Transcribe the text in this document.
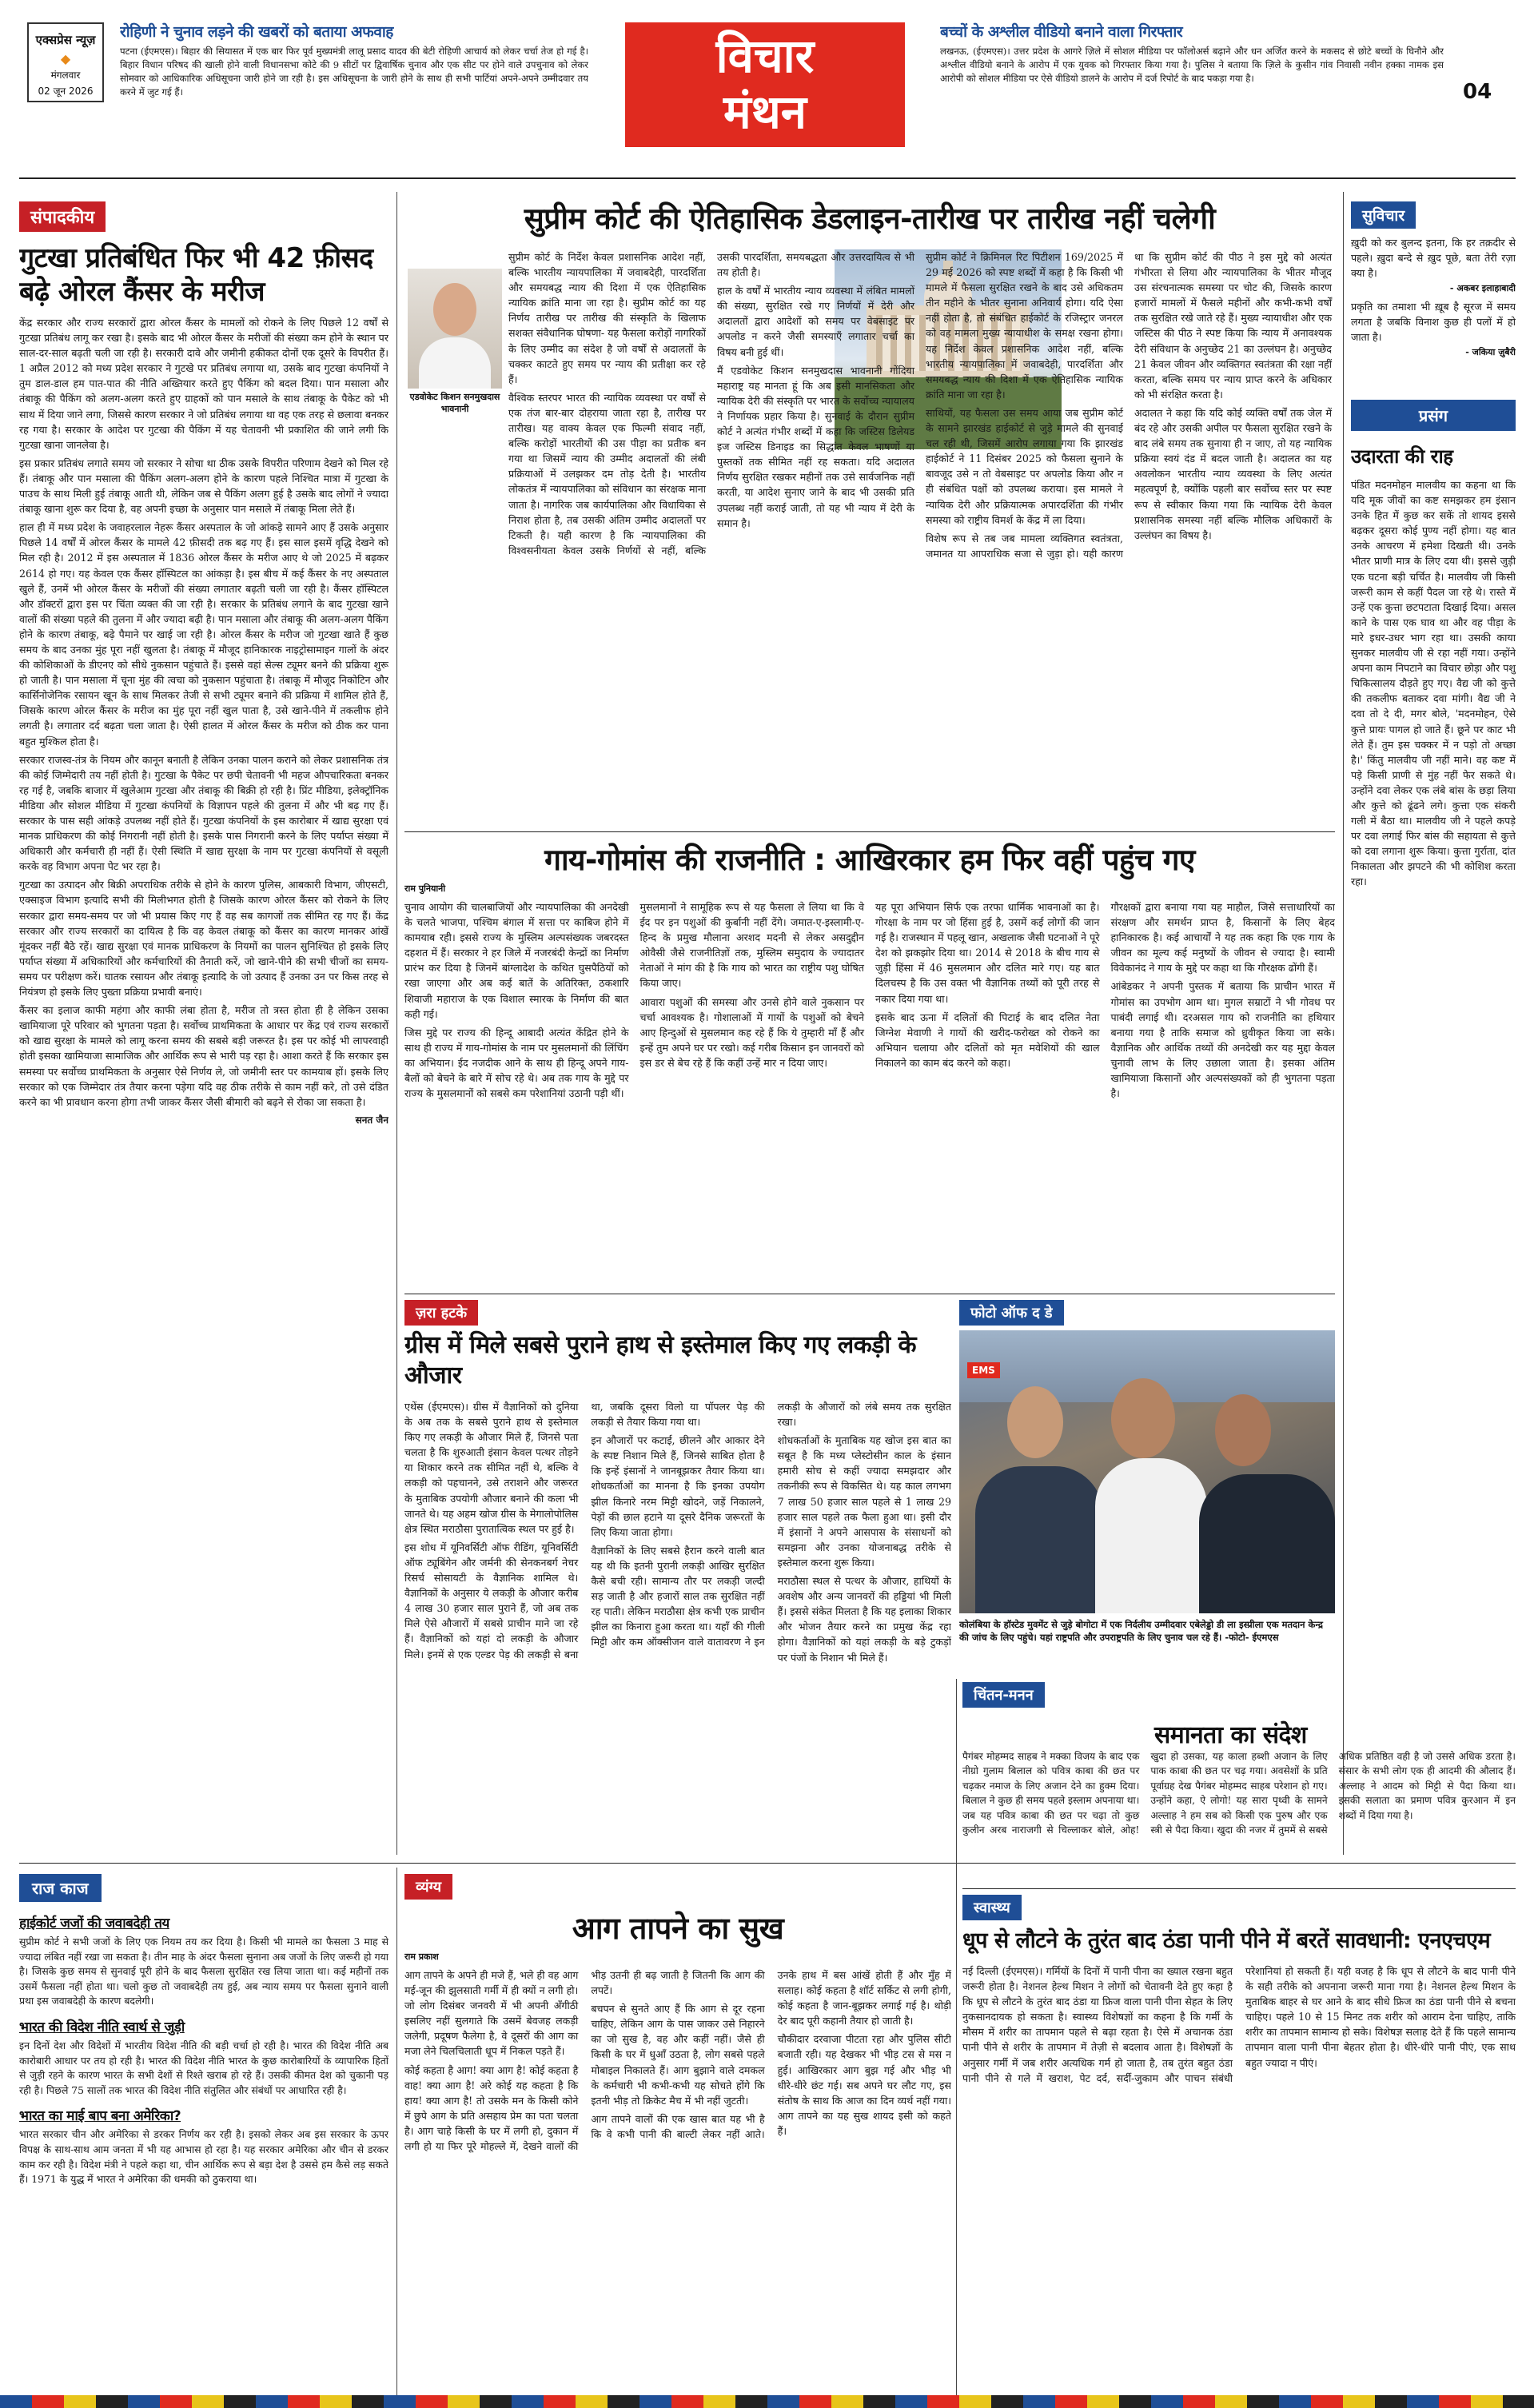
एक्सप्रेस न्यूज़
◆
मंगलवार
02 जून 2026
रोहिणी ने चुनाव लड़ने की खबरों को बताया अफवाह
पटना (ईएमएस)। बिहार की सियासत में एक बार फिर पूर्व मुख्यमंत्री लालू प्रसाद यादव की बेटी रोहिणी आचार्य को लेकर चर्चा तेज हो गई है। बिहार विधान परिषद की खाली होने वाली विधानसभा कोटे की 9 सीटों पर द्विवार्षिक चुनाव और एक सीट पर होने वाले उपचुनाव को लेकर सोमवार को आधिकारिक अधिसूचना जारी होने जा रही है। इस अधिसूचना के जारी होने के साथ ही सभी पार्टियां अपने-अपने उम्मीदवार तय करने में जुट गई हैं।
विचार
मंथन
बच्चों के अश्लील वीडियो बनाने वाला गिरफ्तार
लखनऊ, (ईएमएस)। उत्तर प्रदेश के आगरे ज़िले में सोशल मीडिया पर फॉलोअर्स बढ़ाने और धन अर्जित करने के मकसद से छोटे बच्चों के घिनौने और अश्लील वीडियो बनाने के आरोप में एक युवक को गिरफ्तार किया गया है। पुलिस ने बताया कि ज़िले के कुसीन गांव निवासी नवीन हक्का नामक इस आरोपी को सोशल मीडिया पर ऐसे वीडियो डालने के आरोप में दर्ज रिपोर्ट के बाद पकड़ा गया है।
04
संपादकीय
गुटखा प्रतिबंधित फिर भी 42 फ़ीसद बढ़े ओरल कैंसर के मरीज

केंद्र सरकार और राज्य सरकारों द्वारा ओरल कैंसर के मामलों को रोकने के लिए पिछले 12 वर्षों से गुटखा प्रतिबंध लागू कर रखा है। इसके बाद भी ओरल कैंसर के मरीजों की संख्या कम होने के स्थान पर साल-दर-साल बढ़ती चली जा रही है। सरकारी दावे और जमीनी हकीकत दोनों एक दूसरे के विपरीत हैं। 1 अप्रैल 2012 को मध्य प्रदेश सरकार ने गुटखे पर प्रतिबंध लगाया था, उसके बाद गुटखा कंपनियों ने तुम डाल-डाल हम पात-पात की नीति अख्तियार करते हुए पैकिंग को बदल दिया। पान मसाला और तंबाकू की पैकिंग को अलग-अलग करते हुए ग्राहकों को पान मसाले के साथ तंबाकू के पैकेट को भी साथ में दिया जाने लगा, जिससे कारण सरकार ने जो प्रतिबंध लगाया था वह एक तरह से छलावा बनकर रह गया है। सरकार के आदेश पर गुटखा की पैकिंग में यह चेतावनी भी प्रकाशित की जाने लगी कि गुटखा खाना जानलेवा है।

इस प्रकार प्रतिबंध लगाते समय जो सरकार ने सोचा था ठीक उसके विपरीत परिणाम देखने को मिल रहे हैं। तंबाकू और पान मसाला की पैकिंग अलग-अलग होने के कारण पहले निश्चित मात्रा में गुटखा के पाउच के साथ मिली हुई तंबाकू आती थी, लेकिन जब से पैकिंग अलग हुई है उसके बाद लोगों ने ज्यादा तंबाकू खाना शुरू कर दिया है, वह अपनी इच्छा के अनुसार पान मसाले में तंबाकू मिला लेते हैं।

हाल ही में मध्य प्रदेश के जवाहरलाल नेहरू कैंसर अस्पताल के जो आंकड़े सामने आए हैं उसके अनुसार पिछले 14 वर्षों में ओरल कैंसर के मामले 42 फ़ीसदी तक बढ़ गए हैं। इस साल इसमें वृद्धि देखने को मिल रही है। 2012 में इस अस्पताल में 1836 ओरल कैंसर के मरीज आए थे जो 2025 में बढ़कर 2614 हो गए। यह केवल एक कैंसर हॉस्पिटल का आंकड़ा है। इस बीच में कई कैंसर के नए अस्पताल खुले हैं, उनमें भी ओरल कैंसर के मरीजों की संख्या लगातार बढ़ती चली जा रही है। कैंसर हॉस्पिटल और डॉक्टरों द्वारा इस पर चिंता व्यक्त की जा रही है। सरकार के प्रतिबंध लगाने के बाद गुटखा खाने वालों की संख्या पहले की तुलना में और ज्यादा बढ़ी है। पान मसाला और तंबाकू की अलग-अलग पैकिंग होने के कारण तंबाकू, बढ़े पैमाने पर खाई जा रही है। ओरल कैंसर के मरीज जो गुटखा खाते हैं कुछ समय के बाद उनका मुंह पूरा नहीं खुलता है। तंबाकू में मौजूद हानिकारक नाइट्रोसामाइन गालों के अंदर की कोशिकाओं के डीएनए को सीधे नुकसान पहुंचाते हैं। इससे वहां सेल्स ट्यूमर बनने की प्रक्रिया शुरू हो जाती है। पान मसाला में चूना मुंह की त्वचा को नुकसान पहुंचाता है। तंबाकू में मौजूद निकोटिन और कार्सिनोजेनिक रसायन खून के साथ मिलकर तेजी से सभी ट्यूमर बनाने की प्रक्रिया में शामिल होते हैं, जिसके कारण ओरल कैंसर के मरीज का मुंह पूरा नहीं खुल पाता है, उसे खाने-पीने में तकलीफ होने लगती है। लगातार दर्द बढ़ता चला जाता है। ऐसी हालत में ओरल कैंसर के मरीज को ठीक कर पाना बहुत मुश्किल होता है।

सरकार राजस्व-तंत्र के नियम और कानून बनाती है लेकिन उनका पालन कराने को लेकर प्रशासनिक तंत्र की कोई जिम्मेदारी तय नहीं होती है। गुटखा के पैकेट पर छपी चेतावनी भी महज औपचारिकता बनकर रह गई है, जबकि बाजार में खुलेआम गुटखा और तंबाकू की बिक्री हो रही है। प्रिंट मीडिया, इलेक्ट्रॉनिक मीडिया और सोशल मीडिया में गुटखा कंपनियों के विज्ञापन पहले की तुलना में और भी बढ़ गए हैं। सरकार के पास सही आंकड़े उपलब्ध नहीं होते हैं। गुटखा कंपनियों के इस कारोबार में खाद्य सुरक्षा एवं मानक प्राधिकरण की कोई निगरानी नहीं होती है। इसके पास निगरानी करने के लिए पर्याप्त संख्या में अधिकारी और कर्मचारी ही नहीं हैं। ऐसी स्थिति में खाद्य सुरक्षा के नाम पर गुटखा कंपनियों से वसूली करके वह विभाग अपना पेट भर रहा है।

गुटखा का उत्पादन और बिक्री अपराधिक तरीके से होने के कारण पुलिस, आबकारी विभाग, जीएसटी, एक्साइज विभाग इत्यादि सभी की मिलीभगत होती है जिसके कारण ओरल कैंसर को रोकने के लिए सरकार द्वारा समय-समय पर जो भी प्रयास किए गए हैं वह सब कागजों तक सीमित रह गए हैं। केंद्र सरकार और राज्य सरकारों का दायित्व है कि वह केवल तंबाकू को कैंसर का कारण मानकर आंखें मूंदकर नहीं बैठे रहें। खाद्य सुरक्षा एवं मानक प्राधिकरण के नियमों का पालन सुनिश्चित हो इसके लिए पर्याप्त संख्या में अधिकारियों और कर्मचारियों की तैनाती करें, जो खाने-पीने की सभी चीजों का समय-समय पर परीक्षण करें। घातक रसायन और तंबाकू इत्यादि के जो उत्पाद हैं उनका उन पर किस तरह से नियंत्रण हो इसके लिए पुख्ता प्रक्रिया प्रभावी बनाएं।

कैंसर का इलाज काफी महंगा और काफी लंबा होता है, मरीज तो त्रस्त होता ही है लेकिन उसका खामियाजा पूरे परिवार को भुगतना पड़ता है। सर्वोच्च प्राथमिकता के आधार पर केंद्र एवं राज्य सरकारों को खाद्य सुरक्षा के मामले को लागू करना समय की सबसे बड़ी जरूरत है। इस पर कोई भी लापरवाही होती इसका खामियाजा सामाजिक और आर्थिक रूप से भारी पड़ रहा है। आशा करते हैं कि सरकार इस समस्या पर सर्वोच्च प्राथमिकता के अनुसार ऐसे निर्णय ले, जो जमीनी स्तर पर कामयाब हों। इसके लिए सरकार को एक जिम्मेदार तंत्र तैयार करना पड़ेगा यदि वह ठीक तरीके से काम नहीं करे, तो उसे दंडित करने का भी प्रावधान करना होगा तभी जाकर कैंसर जैसी बीमारी को बढ़ने से रोका जा सकता है।

सनत जैन

सुप्रीम कोर्ट की ऐतिहासिक डेडलाइन-तारीख पर तारीख नहीं चलेगी
एडवोकेट किशन सनमुखदास भावनानी

सुप्रीम कोर्ट के निर्देश केवल प्रशासनिक आदेश नहीं, बल्कि भारतीय न्यायपालिका में जवाबदेही, पारदर्शिता और समयबद्ध न्याय की दिशा में एक ऐतिहासिक न्यायिक क्रांति माना जा रहा है। सुप्रीम कोर्ट का यह निर्णय तारीख पर तारीख की संस्कृति के खिलाफ सशक्त संवैधानिक घोषणा- यह फैसला करोड़ों नागरिकों के लिए उम्मीद का संदेश है जो वर्षों से अदालतों के चक्कर काटते हुए समय पर न्याय की प्रतीक्षा कर रहे हैं।

वैश्विक स्तरपर भारत की न्यायिक व्यवस्था पर वर्षों से एक तंज बार-बार दोहराया जाता रहा है, तारीख पर तारीख। यह वाक्य केवल एक फिल्मी संवाद नहीं, बल्कि करोड़ों भारतीयों की उस पीड़ा का प्रतीक बन गया था जिसमें न्याय की उम्मीद अदालतों की लंबी प्रक्रियाओं में उलझकर दम तोड़ देती है। भारतीय लोकतंत्र में न्यायपालिका को संविधान का संरक्षक माना जाता है। नागरिक जब कार्यपालिका और विधायिका से निराश होता है, तब उसकी अंतिम उम्मीद अदालतों पर टिकती है। यही कारण है कि न्यायपालिका की विश्वसनीयता केवल उसके निर्णयों से नहीं, बल्कि उसकी पारदर्शिता, समयबद्धता और उत्तरदायित्व से भी तय होती है।

हाल के वर्षों में भारतीय न्याय व्यवस्था में लंबित मामलों की संख्या, सुरक्षित रखे गए निर्णयों में देरी और अदालतों द्वारा आदेशों को समय पर वेबसाइट पर अपलोड न करने जैसी समस्याएँ लगातार चर्चा का विषय बनी हुई थीं।

मैं एडवोकेट किशन सनमुखदास भावनानी गोंदिया महाराष्ट्र यह मानता हूं कि अब इसी मानसिकता और न्यायिक देरी की संस्कृति पर भारत के सर्वोच्च न्यायालय ने निर्णायक प्रहार किया है। सुनवाई के दौरान सुप्रीम कोर्ट ने अत्यंत गंभीर शब्दों में कहा कि जस्टिस डिलेयड इज जस्टिस डिनाइड का सिद्धांत केवल भाषणों या पुस्तकों तक सीमित नहीं रह सकता। यदि अदालत निर्णय सुरक्षित रखकर महीनों तक उसे सार्वजनिक नहीं करती, या आदेश सुनाए जाने के बाद भी उसकी प्रति उपलब्ध नहीं कराई जाती, तो यह भी न्याय में देरी के समान है।

सुप्रीम कोर्ट ने क्रिमिनल रिट पिटीशन 169/2025 में 29 मई 2026 को स्पष्ट शब्दों में कहा है कि किसी भी मामले में फैसला सुरक्षित रखने के बाद उसे अधिकतम तीन महीने के भीतर सुनाना अनिवार्य होगा। यदि ऐसा नहीं होता है, तो संबंधित हाईकोर्ट के रजिस्ट्रार जनरल को वह मामला मुख्य न्यायाधीश के समक्ष रखना होगा। यह निर्देश केवल प्रशासनिक आदेश नहीं, बल्कि भारतीय न्यायपालिका में जवाबदेही, पारदर्शिता और समयबद्ध न्याय की दिशा में एक ऐतिहासिक न्यायिक क्रांति माना जा रहा है।

साथियों, यह फैसला उस समय आया जब सुप्रीम कोर्ट के सामने झारखंड हाईकोर्ट से जुड़े मामले की सुनवाई चल रही थी, जिसमें आरोप लगाया गया कि झारखंड हाईकोर्ट ने 11 दिसंबर 2025 को फैसला सुनाने के बावजूद उसे न तो वेबसाइट पर अपलोड किया और न ही संबंधित पक्षों को उपलब्ध कराया। इस मामले ने न्यायिक देरी और प्रक्रियात्मक अपारदर्शिता की गंभीर समस्या को राष्ट्रीय विमर्श के केंद्र में ला दिया।

विशेष रूप से तब जब मामला व्यक्तिगत स्वतंत्रता, जमानत या आपराधिक सजा से जुड़ा हो। यही कारण था कि सुप्रीम कोर्ट की पीठ ने इस मुद्दे को अत्यंत गंभीरता से लिया और न्यायपालिका के भीतर मौजूद उस संरचनात्मक समस्या पर चोट की, जिसके कारण हजारों मामलों में फैसले महीनों और कभी-कभी वर्षों तक सुरक्षित रखे जाते रहे हैं। मुख्य न्यायाधीश और एक जस्टिस की पीठ ने स्पष्ट किया कि न्याय में अनावश्यक देरी संविधान के अनुच्छेद 21 का उल्लंघन है। अनुच्छेद 21 केवल जीवन और व्यक्तिगत स्वतंत्रता की रक्षा नहीं करता, बल्कि समय पर न्याय प्राप्त करने के अधिकार को भी संरक्षित करता है।

अदालत ने कहा कि यदि कोई व्यक्ति वर्षों तक जेल में बंद रहे और उसकी अपील पर फैसला सुरक्षित रखने के बाद लंबे समय तक सुनाया ही न जाए, तो यह न्यायिक प्रक्रिया स्वयं दंड में बदल जाती है। अदालत का यह अवलोकन भारतीय न्याय व्यवस्था के लिए अत्यंत महत्वपूर्ण है, क्योंकि पहली बार सर्वोच्च स्तर पर स्पष्ट रूप से स्वीकार किया गया कि न्यायिक देरी केवल प्रशासनिक समस्या नहीं बल्कि मौलिक अधिकारों के उल्लंघन का विषय है।

गाय-गोमांस की राजनीति : आखिरकार हम फिर वहीं पहुंच गए
राम पुनियानी

चुनाव आयोग की चालबाजियों और न्यायपालिका की अनदेखी के चलते भाजपा, पश्चिम बंगाल में सत्ता पर काबिज होने में कामयाब रही। इससे राज्य के मुस्लिम अल्पसंख्यक जबरदस्त दहशत में हैं। सरकार ने हर जिले में नजरबंदी केन्द्रों का निर्माण प्रारंभ कर दिया है जिनमें बांग्लादेश के कथित घुसपैठियों को रखा जाएगा और अब कई बातें के अतिरिक्त, ठकशारि शिवाजी महाराज के एक विशाल स्मारक के निर्माण की बात कही गई।

जिस मुद्दे पर राज्य की हिन्दू आबादी अत्यंत केंद्रित होने के साथ ही राज्य में गाय-गोमांस के नाम पर मुसलमानों की लिंचिंग का अभियान। ईद नजदीक आने के साथ ही हिन्दू अपने गाय-बैलों को बेचने के बारे में सोच रहे थे। अब तक गाय के मुद्दे पर राज्य के मुसलमानों को सबसे कम परेशानियां उठानी पड़ी थीं।

मुसलमानों ने सामूहिक रूप से यह फैसला ले लिया था कि वे ईद पर इन पशुओं की कुर्बानी नहीं देंगे। जमात-ए-इस्लामी-ए-हिन्द के प्रमुख मौलाना अरशद मदनी से लेकर असदुद्दीन ओवैसी जैसे राजनीतिज्ञों तक, मुस्लिम समुदाय के ज्यादातर नेताओं ने मांग की है कि गाय को भारत का राष्ट्रीय पशु घोषित किया जाए।

आवारा पशुओं की समस्या और उनसे होने वाले नुकसान पर चर्चा आवश्यक है। गोशालाओं में गायों के पशुओं को बेचने आए हिन्दुओं से मुसलमान कह रहे हैं कि ये तुम्हारी माँ हैं और इन्हें तुम अपने घर पर रखो। कई गरीब किसान इन जानवरों को इस डर से बेच रहे हैं कि कहीं उन्हें मार न दिया जाए।

यह पूरा अभियान सिर्फ एक तरफा धार्मिक भावनाओं का है। गोरक्षा के नाम पर जो हिंसा हुई है, उसमें कई लोगों की जान गई है। राजस्थान में पहलू खान, अखलाक जैसी घटनाओं ने पूरे देश को झकझोर दिया था। 2014 से 2018 के बीच गाय से जुड़ी हिंसा में 46 मुसलमान और दलित मारे गए। यह बात दिलचस्प है कि उस वक्त भी वैज्ञानिक तथ्यों को पूरी तरह से नकार दिया गया था।

इसके बाद ऊना में दलितों की पिटाई के बाद दलित नेता जिग्नेश मेवाणी ने गायों की खरीद-फरोख्त को रोकने का अभियान चलाया और दलितों को मृत मवेशियों की खाल निकालने का काम बंद करने को कहा।

गौरक्षकों द्वारा बनाया गया यह माहौल, जिसे सत्ताधारियों का संरक्षण और समर्थन प्राप्त है, किसानों के लिए बेहद हानिकारक है। कई आचार्यों ने यह तक कहा कि एक गाय के जीवन का मूल्य कई मनुष्यों के जीवन से ज्यादा है। स्वामी विवेकानंद ने गाय के मुद्दे पर कहा था कि गौरक्षक ढोंगी हैं।

आंबेडकर ने अपनी पुस्तक में बताया कि प्राचीन भारत में गोमांस का उपभोग आम था। मुगल सम्राटों ने भी गोवध पर पाबंदी लगाई थी। दरअसल गाय को राजनीति का हथियार बनाया गया है ताकि समाज को ध्रुवीकृत किया जा सके। वैज्ञानिक और आर्थिक तथ्यों की अनदेखी कर यह मुद्दा केवल चुनावी लाभ के लिए उछाला जाता है। इसका अंतिम खामियाजा किसानों और अल्पसंख्यकों को ही भुगतना पड़ता है।

ज़रा हटके
ग्रीस में मिले सबसे पुराने हाथ से इस्तेमाल किए गए लकड़ी के औजार

एथेंस (ईएमएस)। ग्रीस में वैज्ञानिकों को दुनिया के अब तक के सबसे पुराने हाथ से इस्तेमाल किए गए लकड़ी के औजार मिले हैं, जिनसे पता चलता है कि शुरुआती इंसान केवल पत्थर तोड़ने या शिकार करने तक सीमित नहीं थे, बल्कि वे लकड़ी को पहचानने, उसे तराशने और जरूरत के मुताबिक उपयोगी औजार बनाने की कला भी जानते थे। यह अहम खोज ग्रीस के मेगालोपोलिस क्षेत्र स्थित मराठौसा पुरातात्विक स्थल पर हुई है।

इस शोध में यूनिवर्सिटी ऑफ रीडिंग, यूनिवर्सिटी ऑफ ट्यूबिंगेन और जर्मनी की सेनकनबर्ग नेचर रिसर्च सोसायटी के वैज्ञानिक शामिल थे। वैज्ञानिकों के अनुसार ये लकड़ी के औजार करीब 4 लाख 30 हजार साल पुराने हैं, जो अब तक मिले ऐसे औजारों में सबसे प्राचीन माने जा रहे हैं। वैज्ञानिकों को यहां दो लकड़ी के औजार मिले। इनमें से एक एल्डर पेड़ की लकड़ी से बना था, जबकि दूसरा विलो या पॉपलर पेड़ की लकड़ी से तैयार किया गया था।

इन औजारों पर कटाई, छीलने और आकार देने के स्पष्ट निशान मिले हैं, जिनसे साबित होता है कि इन्हें इंसानों ने जानबूझकर तैयार किया था। शोधकर्ताओं का मानना है कि इनका उपयोग झील किनारे नरम मिट्टी खोदने, जड़ें निकालने, पेड़ों की छाल हटाने या दूसरे दैनिक जरूरतों के लिए किया जाता होगा।

वैज्ञानिकों के लिए सबसे हैरान करने वाली बात यह थी कि इतनी पुरानी लकड़ी आखिर सुरक्षित कैसे बची रही। सामान्य तौर पर लकड़ी जल्दी सड़ जाती है और हजारों साल तक सुरक्षित नहीं रह पाती। लेकिन मराठौसा क्षेत्र कभी एक प्राचीन झील का किनारा हुआ करता था। यहाँ की गीली मिट्टी और कम ऑक्सीजन वाले वातावरण ने इन लकड़ी के औजारों को लंबे समय तक सुरक्षित रखा।

शोधकर्ताओं के मुताबिक यह खोज इस बात का सबूत है कि मध्य प्लेस्टोसीन काल के इंसान हमारी सोच से कहीं ज्यादा समझदार और तकनीकी रूप से विकसित थे। यह काल लगभग 7 लाख 50 हजार साल पहले से 1 लाख 29 हजार साल पहले तक फैला हुआ था। इसी दौर में इंसानों ने अपने आसपास के संसाधनों को समझना और उनका योजनाबद्ध तरीके से इस्तेमाल करना शुरू किया।

मराठौसा स्थल से पत्थर के औजार, हाथियों के अवशेष और अन्य जानवरों की हड्डियां भी मिली हैं। इससे संकेत मिलता है कि यह इलाका शिकार और भोजन तैयार करने का प्रमुख केंद्र रहा होगा। वैज्ञानिकों को यहां लकड़ी के बड़े टुकड़ों पर पंजों के निशान भी मिले हैं।

फोटो ऑफ द डे
EMS
कोलंबिया के हॉस्टेड मुवमेंट से जुड़े बोगोटा में एक निर्दलीय उम्मीदवार एबेलेड्डो डी ला इस्प्रीला एक मतदान केन्द्र की जांच के लिए पहुंचे। यहां राष्ट्रपति और उपराष्ट्रपति के लिए चुनाव चल रहे हैं। -फोटो- ईएमएस
सुविचार
ख़ुदी को कर बुलन्द इतना, कि हर तक़दीर से पहले। ख़ुदा बन्दे से ख़ुद पूछे, बता तेरी रज़ा क्या है।
- अकबर इलाहाबादी
प्रकृति का तमाशा भी ख़ूब है सूरज में समय लगता है जबकि विनाश कुछ ही पलों में हो जाता है।
- जकिया ज़ुबैरी
प्रसंग
उदारता की राह
पंडित मदनमोहन मालवीय का कहना था कि यदि मूक जीवों का कष्ट समझकर हम इंसान उनके हित में कुछ कर सकें तो शायद इससे बढ़कर दूसरा कोई पुण्य नहीं होगा। यह बात उनके आचरण में हमेशा दिखती थी। उनके भीतर प्राणी मात्र के लिए दया थी। इससे जुड़ी एक घटना बड़ी चर्चित है। मालवीय जी किसी जरूरी काम से कहीं पैदल जा रहे थे। रास्ते में उन्हें एक कुत्ता छटपटाता दिखाई दिया। असल काने के पास एक घाव था और वह पीड़ा के मारे इधर-उधर भाग रहा था। उसकी काया सुनकर मालवीय जी से रहा नहीं गया। उन्होंने अपना काम निपटाने का विचार छोड़ा और पशु चिकित्सालय दौड़ते हुए गए। वैद्य जी को कुत्ते की तकलीफ बताकर दवा मांगी। वैद्य जी ने दवा तो दे दी, मगर बोले, 'मदनमोहन, ऐसे कुत्ते प्रायः पागल हो जाते हैं। छूने पर काट भी लेते हैं। तुम इस चक्कर में न पड़ो तो अच्छा है।' किंतु मालवीय जी नहीं माने। वह कष्ट में पड़े किसी प्राणी से मुंह नहीं फेर सकते थे। उन्होंने दवा लेकर एक लंबे बांस के छड़ा लिया और कुत्ते को ढूंढने लगे। कुत्ता एक संकरी गली में बैठा था। मालवीय जी ने पहले कपड़े पर दवा लगाई फिर बांस की सहायता से कुत्ते को दवा लगाना शुरू किया। कुत्ता गुर्राता, दांत निकालता और झपटने की भी कोशिश करता रहा।
राज काज
हाईकोर्ट जजों की जवाबदेही तय
सुप्रीम कोर्ट ने सभी जजों के लिए एक नियम तय कर दिया है। किसी भी मामले का फैसला 3 माह से ज्यादा लंबित नहीं रखा जा सकता है। तीन माह के अंदर फैसला सुनाना अब जजों के लिए जरूरी हो गया है। जिसके कुछ समय से सुनवाई पूरी होने के बाद फैसला सुरक्षित रख लिया जाता था। कई महीनों तक उसमें फैसला नहीं होता था। चलो कुछ तो जवाबदेही तय हुई, अब न्याय समय पर फैसला सुनाने वाली प्रथा इस जवाबदेही के कारण बदलेगी।
भारत की विदेश नीति स्वार्थ से जुड़ी
इन दिनों देश और विदेशों में भारतीय विदेश नीति की बड़ी चर्चा हो रही है। भारत की विदेश नीति अब कारोबारी आधार पर तय हो रही है। भारत की विदेश नीति भारत के कुछ कारोबारियों के व्यापारिक हितों से जुड़ी रहने के कारण भारत के सभी देशों से रिश्ते खराब हो रहे हैं। उसकी कीमत देश को चुकानी पड़ रही है। पिछले 75 सालों तक भारत की विदेश नीति संतुलित और संबंधों पर आधारित रही है।
भारत का माई बाप बना अमेरिका?
भारत सरकार चीन और अमेरिका से डरकर निर्णय कर रही है। इसको लेकर अब इस सरकार के ऊपर विपक्ष के साथ-साथ आम जनता में भी यह आभास हो रहा है। यह सरकार अमेरिका और चीन से डरकर काम कर रही है। विदेश मंत्री ने पहले कहा था, चीन आर्थिक रूप से बड़ा देश है उससे हम कैसे लड़ सकते हैं। 1971 के युद्ध में भारत ने अमेरिका की धमकी को ठुकराया था।
व्यंग्य
आग तापने का सुख
राम प्रकाश

आग तापने के अपने ही मजे हैं, भले ही वह आग मई-जून की झुलसाती गर्मी में ही क्यों न लगी हो। जो लोग दिसंबर जनवरी में भी अपनी अँगीठी इसलिए नहीं सुलगाते कि उसमें बेवजह लकड़ी जलेगी, प्रदूषण फैलेगा है, वे दूसरों की आग का मजा लेने चिलचिलाती धूप में निकल पड़ते हैं।

कोई कहता है आग! क्या आग है! कोई कहता है वाह! क्या आग है! अरे कोई यह कहता है कि हाय! क्या आग है! तो उसके मन के किसी कोने में छुपे आग के प्रति असहाय प्रेम का पता चलता है। आग चाहे किसी के घर में लगी हो, दुकान में लगी हो या फिर पूरे मोहल्ले में, देखने वालों की भीड़ उतनी ही बढ़ जाती है जितनी कि आग की लपटें।

बचपन से सुनते आए हैं कि आग से दूर रहना चाहिए, लेकिन आग के पास जाकर उसे निहारने का जो सुख है, वह और कहीं नहीं। जैसे ही किसी के घर में धुआँ उठता है, लोग सबसे पहले मोबाइल निकालते हैं। आग बुझाने वाले दमकल के कर्मचारी भी कभी-कभी यह सोचते होंगे कि इतनी भीड़ तो क्रिकेट मैच में भी नहीं जुटती।

आग तापने वालों की एक खास बात यह भी है कि वे कभी पानी की बाल्टी लेकर नहीं आते। उनके हाथ में बस आंखें होती हैं और मुँह में सलाह। कोई कहता है शॉर्ट सर्किट से लगी होगी, कोई कहता है जान-बूझकर लगाई गई है। थोड़ी देर बाद पूरी कहानी तैयार हो जाती है।

चौकीदार दरवाजा पीटता रहा और पुलिस सीटी बजाती रही। यह देखकर भी भीड़ टस से मस न हुई। आखिरकार आग बुझ गई और भीड़ भी धीरे-धीरे छंट गई। सब अपने घर लौट गए, इस संतोष के साथ कि आज का दिन व्यर्थ नहीं गया। आग तापने का यह सुख शायद इसी को कहते हैं।

चिंतन-मनन
समानता का संदेश
पैगंबर मोहम्मद साहब ने मक्का विजय के बाद एक नीग्रो गुलाम बिलाल को पवित्र काबा की छत पर चढ़कर नमाज के लिए अजान देने का हुक्म दिया। बिलाल ने कुछ ही समय पहले इस्लाम अपनाया था। जब यह पवित्र काबा की छत पर चढ़ा तो कुछ कुलीन अरब नाराजगी से चिल्लाकर बोले, ओह! खुदा हो उसका, यह काला हब्शी अजान के लिए पाक काबा की छत पर चढ़ गया। अवसेशों के प्रति पूर्वाग्रह देख पैगंबर मोहम्मद साहब परेशान हो गए। उन्होंने कहा, ऐ लोगो! यह सारा पृथ्वी के सामने अल्लाह ने हम सब को किसी एक पुरुष और एक स्त्री से पैदा किया। खुदा की नजर में तुममें से सबसे अधिक प्रतिष्ठित वही है जो उससे अधिक डरता है। संसार के सभी लोग एक ही आदमी की औलाद हैं। अल्लाह ने आदम को मिट्टी से पैदा किया था। इसकी सलाता का प्रमाण पवित्र कुरआन में इन शब्दों में दिया गया है।
स्वास्थ्य
धूप से लौटने के तुरंत बाद ठंडा पानी पीने में बरतें सावधानी: एनएचएम
नई दिल्ली (ईएमएस)। गर्मियों के दिनों में पानी पीना का ख्याल रखना बहुत जरूरी होता है। नेशनल हेल्थ मिशन ने लोगों को चेतावनी देते हुए कहा है कि धूप से लौटने के तुरंत बाद ठंडा या फ्रिज वाला पानी पीना सेहत के लिए नुकसानदायक हो सकता है। स्वास्थ्य विशेषज्ञों का कहना है कि गर्मी के मौसम में शरीर का तापमान पहले से बढ़ा रहता है। ऐसे में अचानक ठंडा पानी पीने से शरीर के तापमान में तेज़ी से बदलाव आता है। विशेषज्ञों के अनुसार गर्मी में जब शरीर अत्यधिक गर्म हो जाता है, तब तुरंत बहुत ठंडा पानी पीने से गले में खराश, पेट दर्द, सर्दी-जुकाम और पाचन संबंधी परेशानियां हो सकती हैं। यही वजह है कि धूप से लौटने के बाद पानी पीने के सही तरीके को अपनाना जरूरी माना गया है। नेशनल हेल्थ मिशन के मुताबिक बाहर से घर आने के बाद सीधे फ्रिज का ठंडा पानी पीने से बचना चाहिए। पहले 10 से 15 मिनट तक शरीर को आराम देना चाहिए, ताकि शरीर का तापमान सामान्य हो सके। विशेषज्ञ सलाह देते हैं कि पहले सामान्य तापमान वाला पानी पीना बेहतर होता है। धीरे-धीरे पानी पीएं, एक साथ बहुत ज्यादा न पीएं।
